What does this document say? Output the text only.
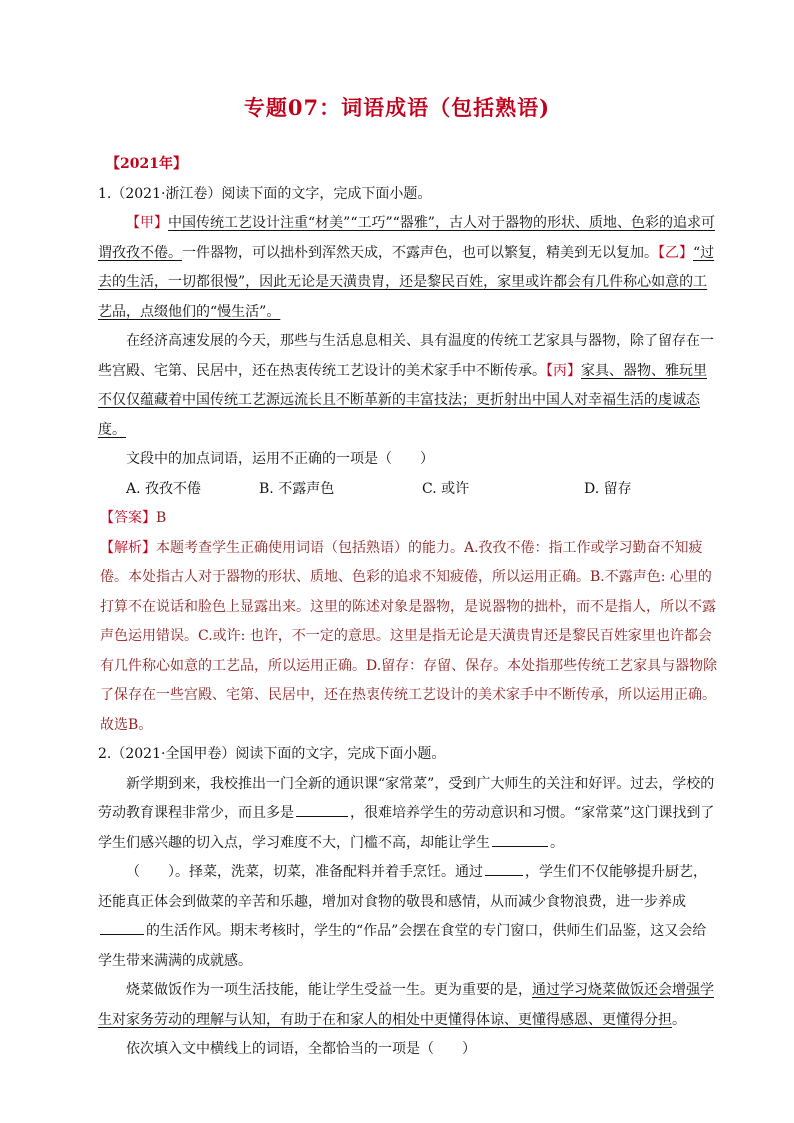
专题07：词语成语（包括熟语)

【2021年】

1.（2021·浙江卷）阅读下面的文字，完成下面小题。

【甲】中国传统工艺设计注重“材美”“工巧”“器雅”，古人对于器物的形状、质地、色彩的追求可谓孜孜不倦。一件器物，可以拙朴到浑然天成，不露声色，也可以繁复，精美到无以复加。【乙】“过去的生活，一切都很慢”，因此无论是天潢贵胄，还是黎民百姓，家里或许都会有几件称心如意的工艺品，点缀他们的“慢生活”。

在经济高速发展的今天，那些与生活息息相关、具有温度的传统工艺家具与器物，除了留存在一些宫殿、宅第、民居中，还在热衷传统工艺设计的美术家手中不断传承。【丙】家具、器物、雅玩里不仅仅蕴藏着中国传统工艺源远流长且不断革新的丰富技法；更折射出中国人对幸福生活的虔诚态度。

文段中的加点词语，运用不正确的一项是（　　）

A. 孜孜不倦	B. 不露声色	C. 或许	D. 留存

【答案】B

【解析】本题考查学生正确使用词语（包括熟语）的能力。A.孜孜不倦：指工作或学习勤奋不知疲倦。本处指古人对于器物的形状、质地、色彩的追求不知疲倦，所以运用正确。B.不露声色: 心里的打算不在说话和脸色上显露出来。这里的陈述对象是器物，是说器物的拙朴，而不是指人，所以不露声色运用错误。C.或许: 也许，不一定的意思。这里是指无论是天潢贵胄还是黎民百姓家里也许都会有几件称心如意的工艺品，所以运用正确。D.留存：存留、保存。本处指那些传统工艺家具与器物除了保存在一些宫殿、宅第、民居中，还在热衷传统工艺设计的美术家手中不断传承，所以运用正确。故选B。

2.（2021·全国甲卷）阅读下面的文字，完成下面小题。

新学期到来，我校推出一门全新的通识课“家常菜”，受到广大师生的关注和好评。过去，学校的劳动教育课程非常少，而且多是	，很难培养学生的劳动意识和习惯。“家常菜”这门课找到了学生们感兴趣的切入点，学习难度不大，门槛不高，却能让学生	。

（　　）。择菜，洗菜，切菜，准备配料并着手烹饪。通过	，学生们不仅能够提升厨艺，还能真正体会到做菜的辛苦和乐趣，增加对食物的敬畏和感情，从而减少食物浪费，进一步养成的生活作风。期末考核时，学生的“作品”会摆在食堂的专门窗口，供师生们品鉴，这又会给学生带来满满的成就感。

烧菜做饭作为一项生活技能，能让学生受益一生。更为重要的是，通过学习烧菜做饭还会增强学生对家务劳动的理解与认知，有助于在和家人的相处中更懂得体谅、更懂得感恩、更懂得分担。

依次填入文中横线上的词语，全都恰当的一项是（　　）
